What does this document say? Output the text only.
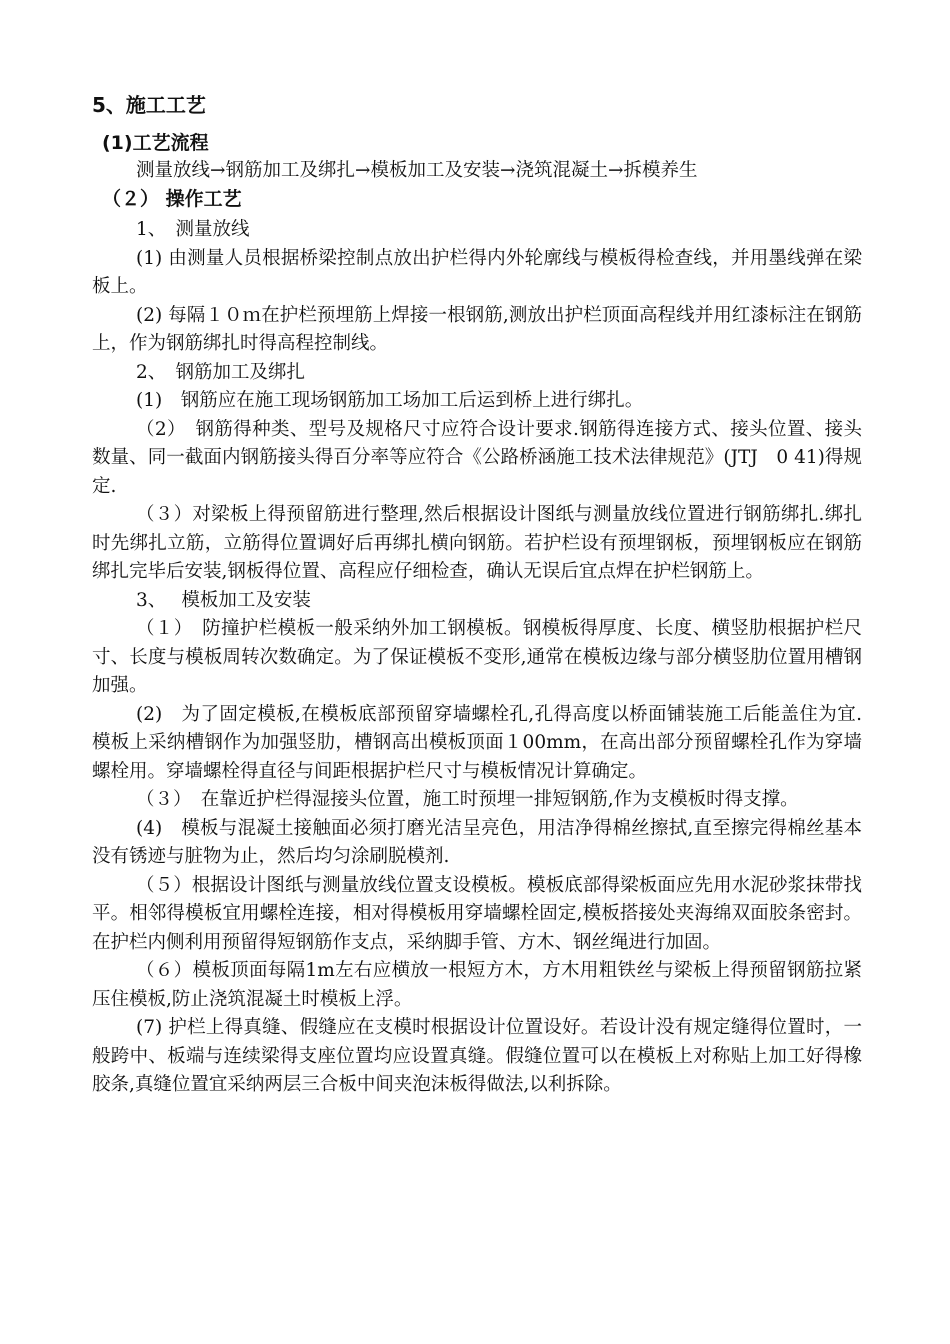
5、施工工艺
(1)工艺流程
测量放线→钢筋加工及绑扎→模板加工及安装→浇筑混凝土→拆模养生
（２） 操作工艺

1、　测量放线

(1) 由测量人员根据桥梁控制点放出护栏得内外轮廓线与模板得检查线，并用墨线弹在梁板上。

(2) 每隔１０ｍ在护栏预埋筋上焊接一根钢筋,测放出护栏顶面高程线并用红漆标注在钢筋上，作为钢筋绑扎时得高程控制线。

2、　钢筋加工及绑扎

(1)　钢筋应在施工现场钢筋加工场加工后运到桥上进行绑扎。

（2）　钢筋得种类、型号及规格尺寸应符合设计要求.钢筋得连接方式、接头位置、接头数量、同一截面内钢筋接头得百分率等应符合《公路桥涵施工技术法律规范》(JTJ　0 41)得规定.

（３）对梁板上得预留筋进行整理,然后根据设计图纸与测量放线位置进行钢筋绑扎.绑扎时先绑扎立筋，立筋得位置调好后再绑扎横向钢筋。若护栏设有预埋钢板，预埋钢板应在钢筋绑扎完毕后安装,钢板得位置、高程应仔细检查，确认无误后宜点焊在护栏钢筋上。

3、　 模板加工及安装

（１）　防撞护栏模板一般采纳外加工钢模板。钢模板得厚度、长度、横竖肋根据护栏尺寸、长度与模板周转次数确定。为了保证模板不变形,通常在模板边缘与部分横竖肋位置用槽钢加强。

(2)　为了固定模板,在模板底部预留穿墙螺栓孔,孔得高度以桥面铺装施工后能盖住为宜.模板上采纳槽钢作为加强竖肋，槽钢高出模板顶面１00mm，在高出部分预留螺栓孔作为穿墙螺栓用。穿墙螺栓得直径与间距根据护栏尺寸与模板情况计算确定。

（３）　在靠近护栏得湿接头位置，施工时预埋一排短钢筋,作为支模板时得支撑。

(4)　模板与混凝土接触面必须打磨光洁呈亮色，用洁净得棉丝擦拭,直至擦完得棉丝基本没有锈迹与脏物为止，然后均匀涂刷脱模剂.

（５）根据设计图纸与测量放线位置支设模板。模板底部得梁板面应先用水泥砂浆抹带找平。相邻得模板宜用螺栓连接，相对得模板用穿墙螺栓固定,模板搭接处夹海绵双面胶条密封。在护栏内侧利用预留得短钢筋作支点，采纳脚手管、方木、钢丝绳进行加固。

（６）模板顶面每隔1m左右应横放一根短方木，方木用粗铁丝与梁板上得预留钢筋拉紧压住模板,防止浇筑混凝土时模板上浮。

(7) 护栏上得真缝、假缝应在支模时根据设计位置设好。若设计没有规定缝得位置时，一般跨中、板端与连续梁得支座位置均应设置真缝。假缝位置可以在模板上对称贴上加工好得橡胶条,真缝位置宜采纳两层三合板中间夹泡沫板得做法,以利拆除。
